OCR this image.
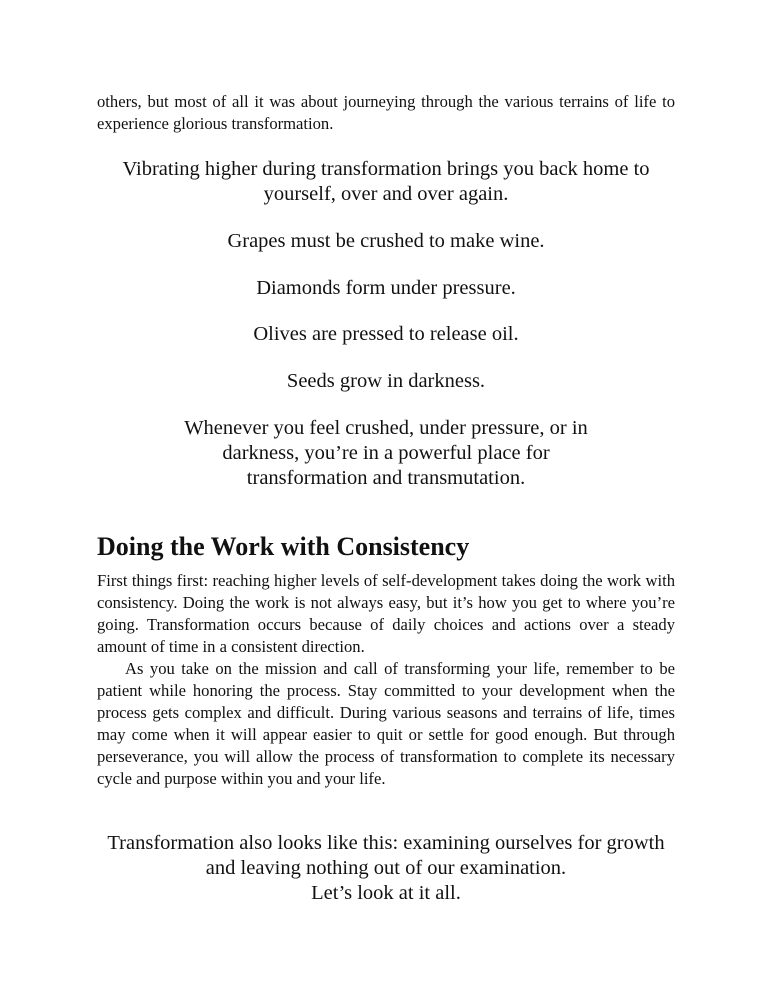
others, but most of all it was about journeying through the various terrains of life to experience glorious transformation.

Vibrating higher during transformation brings you back home to
yourself, over and over again.

Grapes must be crushed to make wine.

Diamonds form under pressure.

Olives are pressed to release oil.

Seeds grow in darkness.

Whenever you feel crushed, under pressure, or in
darkness, you’re in a powerful place for
transformation and transmutation.

Doing the Work with Consistency

First things first: reaching higher levels of self-development takes doing the work with consistency. Doing the work is not always easy, but it’s how you get to where you’re going. Transformation occurs because of daily choices and actions over a steady amount of time in a consistent direction.

As you take on the mission and call of transforming your life, remember to be patient while honoring the process. Stay committed to your development when the process gets complex and difficult. During various seasons and terrains of life, times may come when it will appear easier to quit or settle for good enough. But through perseverance, you will allow the process of transformation to complete its necessary cycle and purpose within you and your life.

Transformation also looks like this: examining ourselves for growth
and leaving nothing out of our examination.
Let’s look at it all.
